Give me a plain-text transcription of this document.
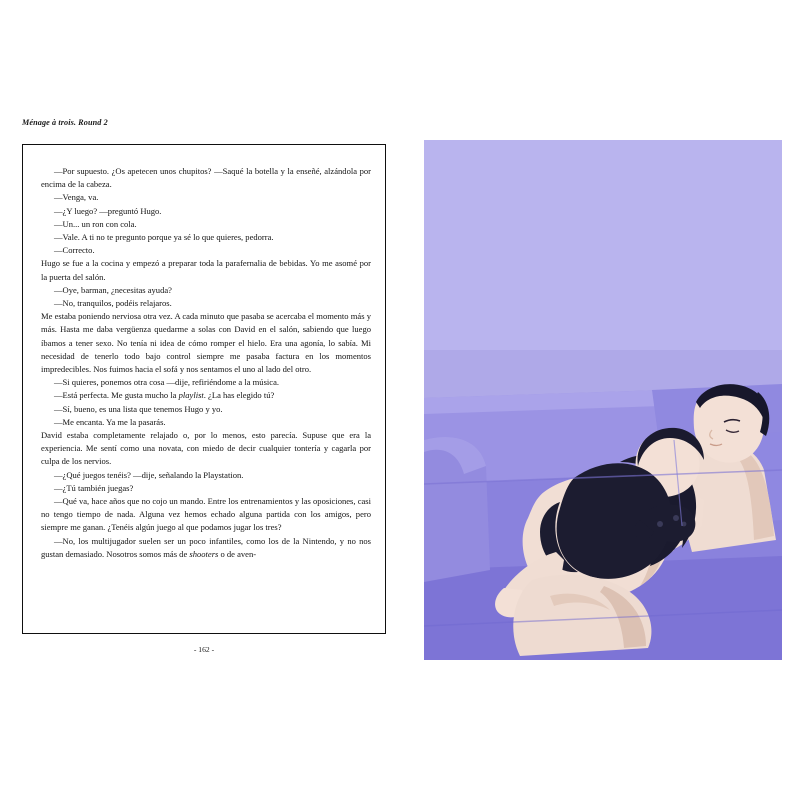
Ménage à trois. Round 2

—Por supuesto. ¿Os apetecen unos chupitos? —Saqué la botella y la enseñé, alzándola por encima de la cabeza.

—Venga, va.

—¿Y luego? —preguntó Hugo.

—Un... un ron con cola.

—Vale. A ti no te pregunto porque ya sé lo que quieres, pedorra.

—Correcto.

Hugo se fue a la cocina y empezó a preparar toda la parafernalia de bebidas. Yo me asomé por la puerta del salón.

—Oye, barman, ¿necesitas ayuda?

—No, tranquilos, podéis relajaros.

Me estaba poniendo nerviosa otra vez. A cada minuto que pasaba se acercaba el momento más y más. Hasta me daba vergüenza quedarme a solas con David en el salón, sabiendo que luego íbamos a tener sexo. No tenía ni idea de cómo romper el hielo. Era una agonía, lo sabía. Mi necesidad de tenerlo todo bajo control siempre me pasaba factura en los momentos impredecibles. Nos fuimos hacia el sofá y nos sentamos el uno al lado del otro.

—Si quieres, ponemos otra cosa —dije, refiriéndome a la música.

—Está perfecta. Me gusta mucho la playlist. ¿La has elegido tú?

—Sí, bueno, es una lista que tenemos Hugo y yo.

—Me encanta. Ya me la pasarás.

David estaba completamente relajado o, por lo menos, esto parecía. Supuse que era la experiencia. Me sentí como una novata, con miedo de decir cualquier tontería y cagarla por culpa de los nervios.

—¿Qué juegos tenéis? —dije, señalando la Playstation.

—¿Tú también juegas?

—Qué va, hace años que no cojo un mando. Entre los entrenamientos y las oposiciones, casi no tengo tiempo de nada. Alguna vez hemos echado alguna partida con los amigos, pero siempre me ganan. ¿Tenéis algún juego al que podamos jugar los tres?

—No, los multijugador suelen ser un poco infantiles, como los de la Nintendo, y no nos gustan demasiado. Nosotros somos más de shooters o de aven-

- 162 -
